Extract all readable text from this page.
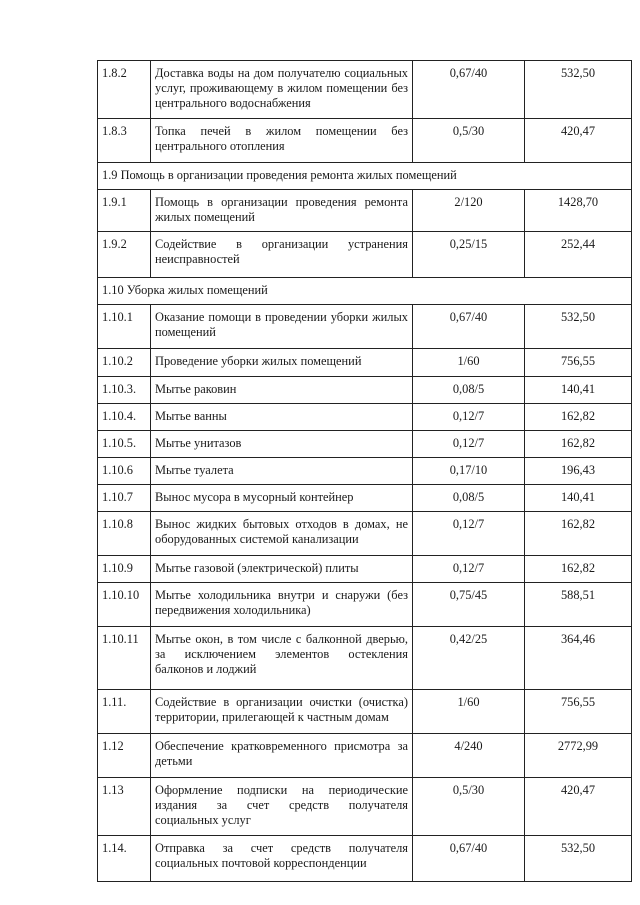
1.8.2	Доставка воды на дом получателю социальных услуг, проживающему в жилом помещении без центрального водоснабжения	0,67/40	532,50
1.8.3	Топка печей в жилом помещении без центрального отопления	0,5/30	420,47
1.9 Помощь в организации проведения ремонта жилых помещений			
1.9.1	Помощь в организации проведения ремонта жилых помещений	2/120	1428,70
1.9.2	Содействие в организации устранения неисправностей	0,25/15	252,44
1.10 Уборка жилых помещений			
1.10.1	Оказание помощи в проведении уборки жилых помещений	0,67/40	532,50
1.10.2	Проведение уборки жилых помещений	1/60	756,55
1.10.3.	Мытье раковин	0,08/5	140,41
1.10.4.	Мытье ванны	0,12/7	162,82
1.10.5.	Мытье унитазов	0,12/7	162,82
1.10.6	Мытье туалета	0,17/10	196,43
1.10.7	Вынос мусора в мусорный контейнер	0,08/5	140,41
1.10.8	Вынос жидких бытовых отходов в домах, не оборудованных системой канализации	0,12/7	162,82
1.10.9	Мытье газовой (электрической) плиты	0,12/7	162,82
1.10.10	Мытье холодильника внутри и снаружи (без передвижения холодильника)	0,75/45	588,51
1.10.11	Мытье окон, в том числе с балконной дверью, за исключением элементов остекления балконов и лоджий	0,42/25	364,46
1.11.	Содействие в организации очистки (очистка) территории, прилегающей к частным домам	1/60	756,55
1.12	Обеспечение кратковременного присмотра за детьми	4/240	2772,99
1.13	Оформление подписки на периодические издания за счет средств получателя социальных услуг	0,5/30	420,47
1.14.	Отправка за счет средств получателя социальных почтовой корреспонденции	0,67/40	532,50
